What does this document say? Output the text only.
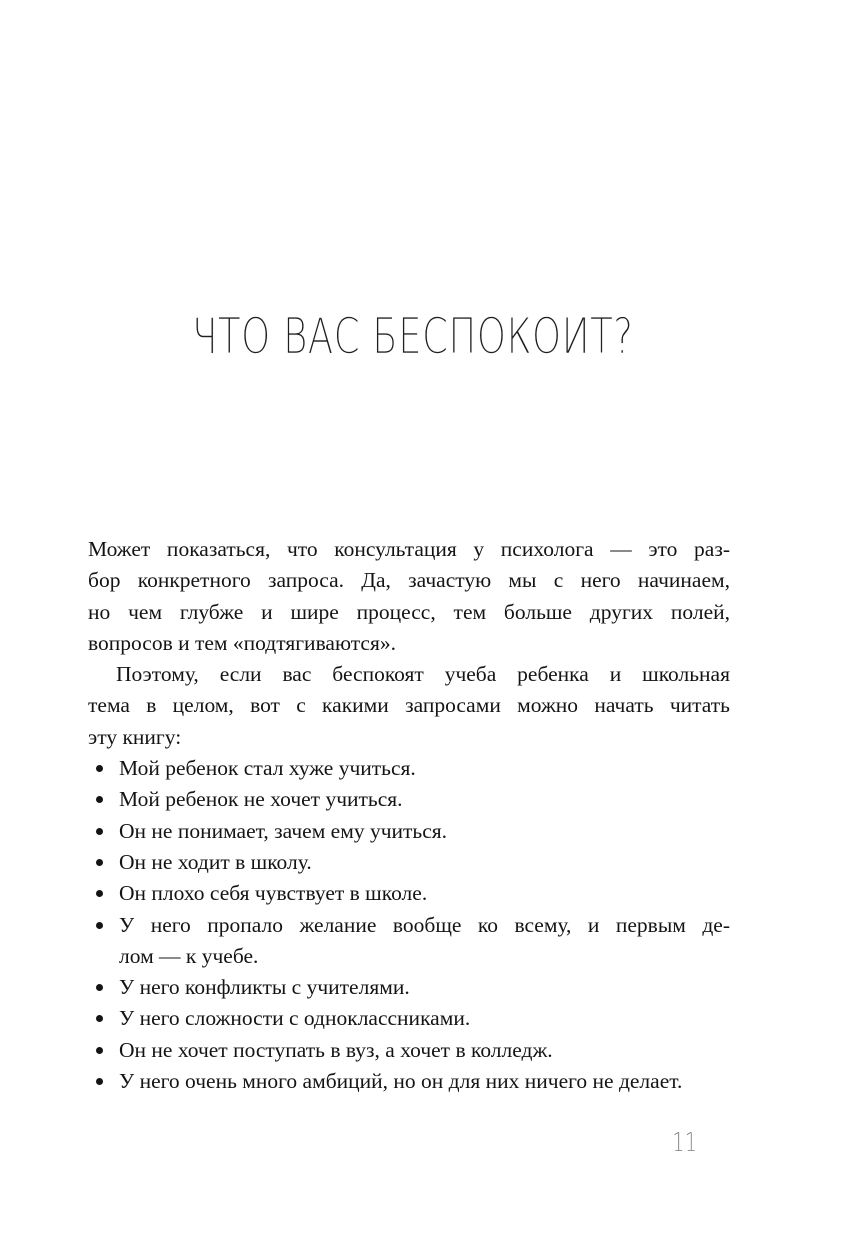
ЧТО ВАС БЕСПОКОИТ?
Может показаться, что консультация у психолога — это раз-
бор конкретного запроса. Да, зачастую мы с него начинаем,
но чем глубже и шире процесс, тем больше других полей,
вопросов и тем «подтягиваются».
Поэтому, если вас беспокоят учеба ребенка и школьная
тема в целом, вот с какими запросами можно начать читать
эту книгу:
Мой ребенок стал хуже учиться.
Мой ребенок не хочет учиться.
Он не понимает, зачем ему учиться.
Он не ходит в школу.
Он плохо себя чувствует в школе.
У него пропало желание вообще ко всему, и первым де-
лом — к учебе.
У него конфликты с учителями.
У него сложности с одноклассниками.
Он не хочет поступать в вуз, а хочет в колледж.
У него очень много амбиций, но он для них ничего не делает.
11
